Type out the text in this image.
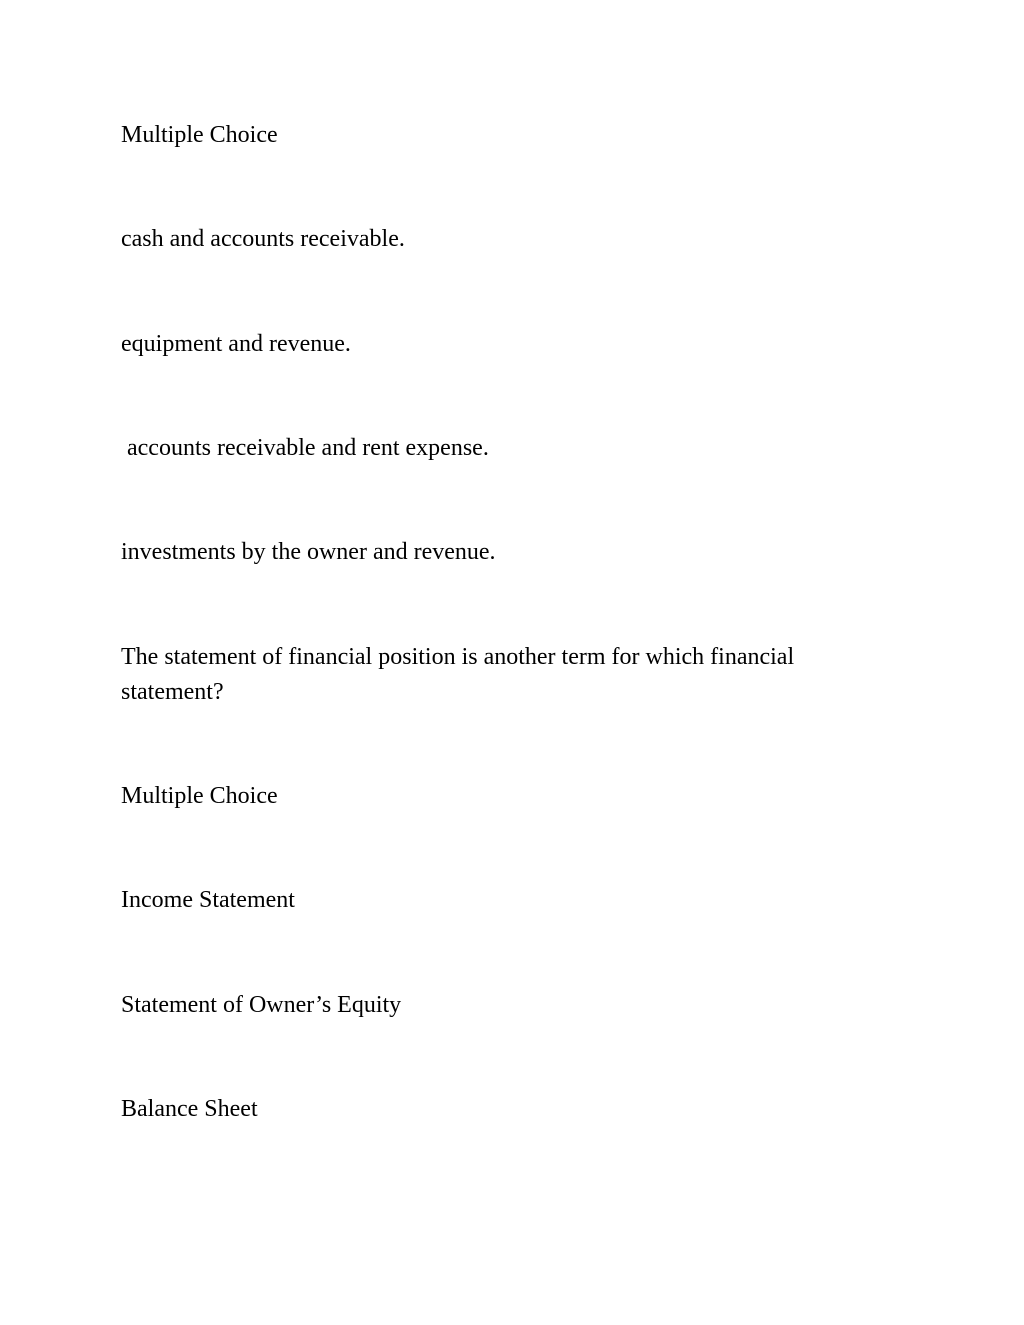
Multiple Choice

cash and accounts receivable.

equipment and revenue.

accounts receivable and rent expense.

investments by the owner and revenue.

The statement of financial position is another term for which financial statement?

Multiple Choice

Income Statement

Statement of Owner’s Equity

Balance Sheet
